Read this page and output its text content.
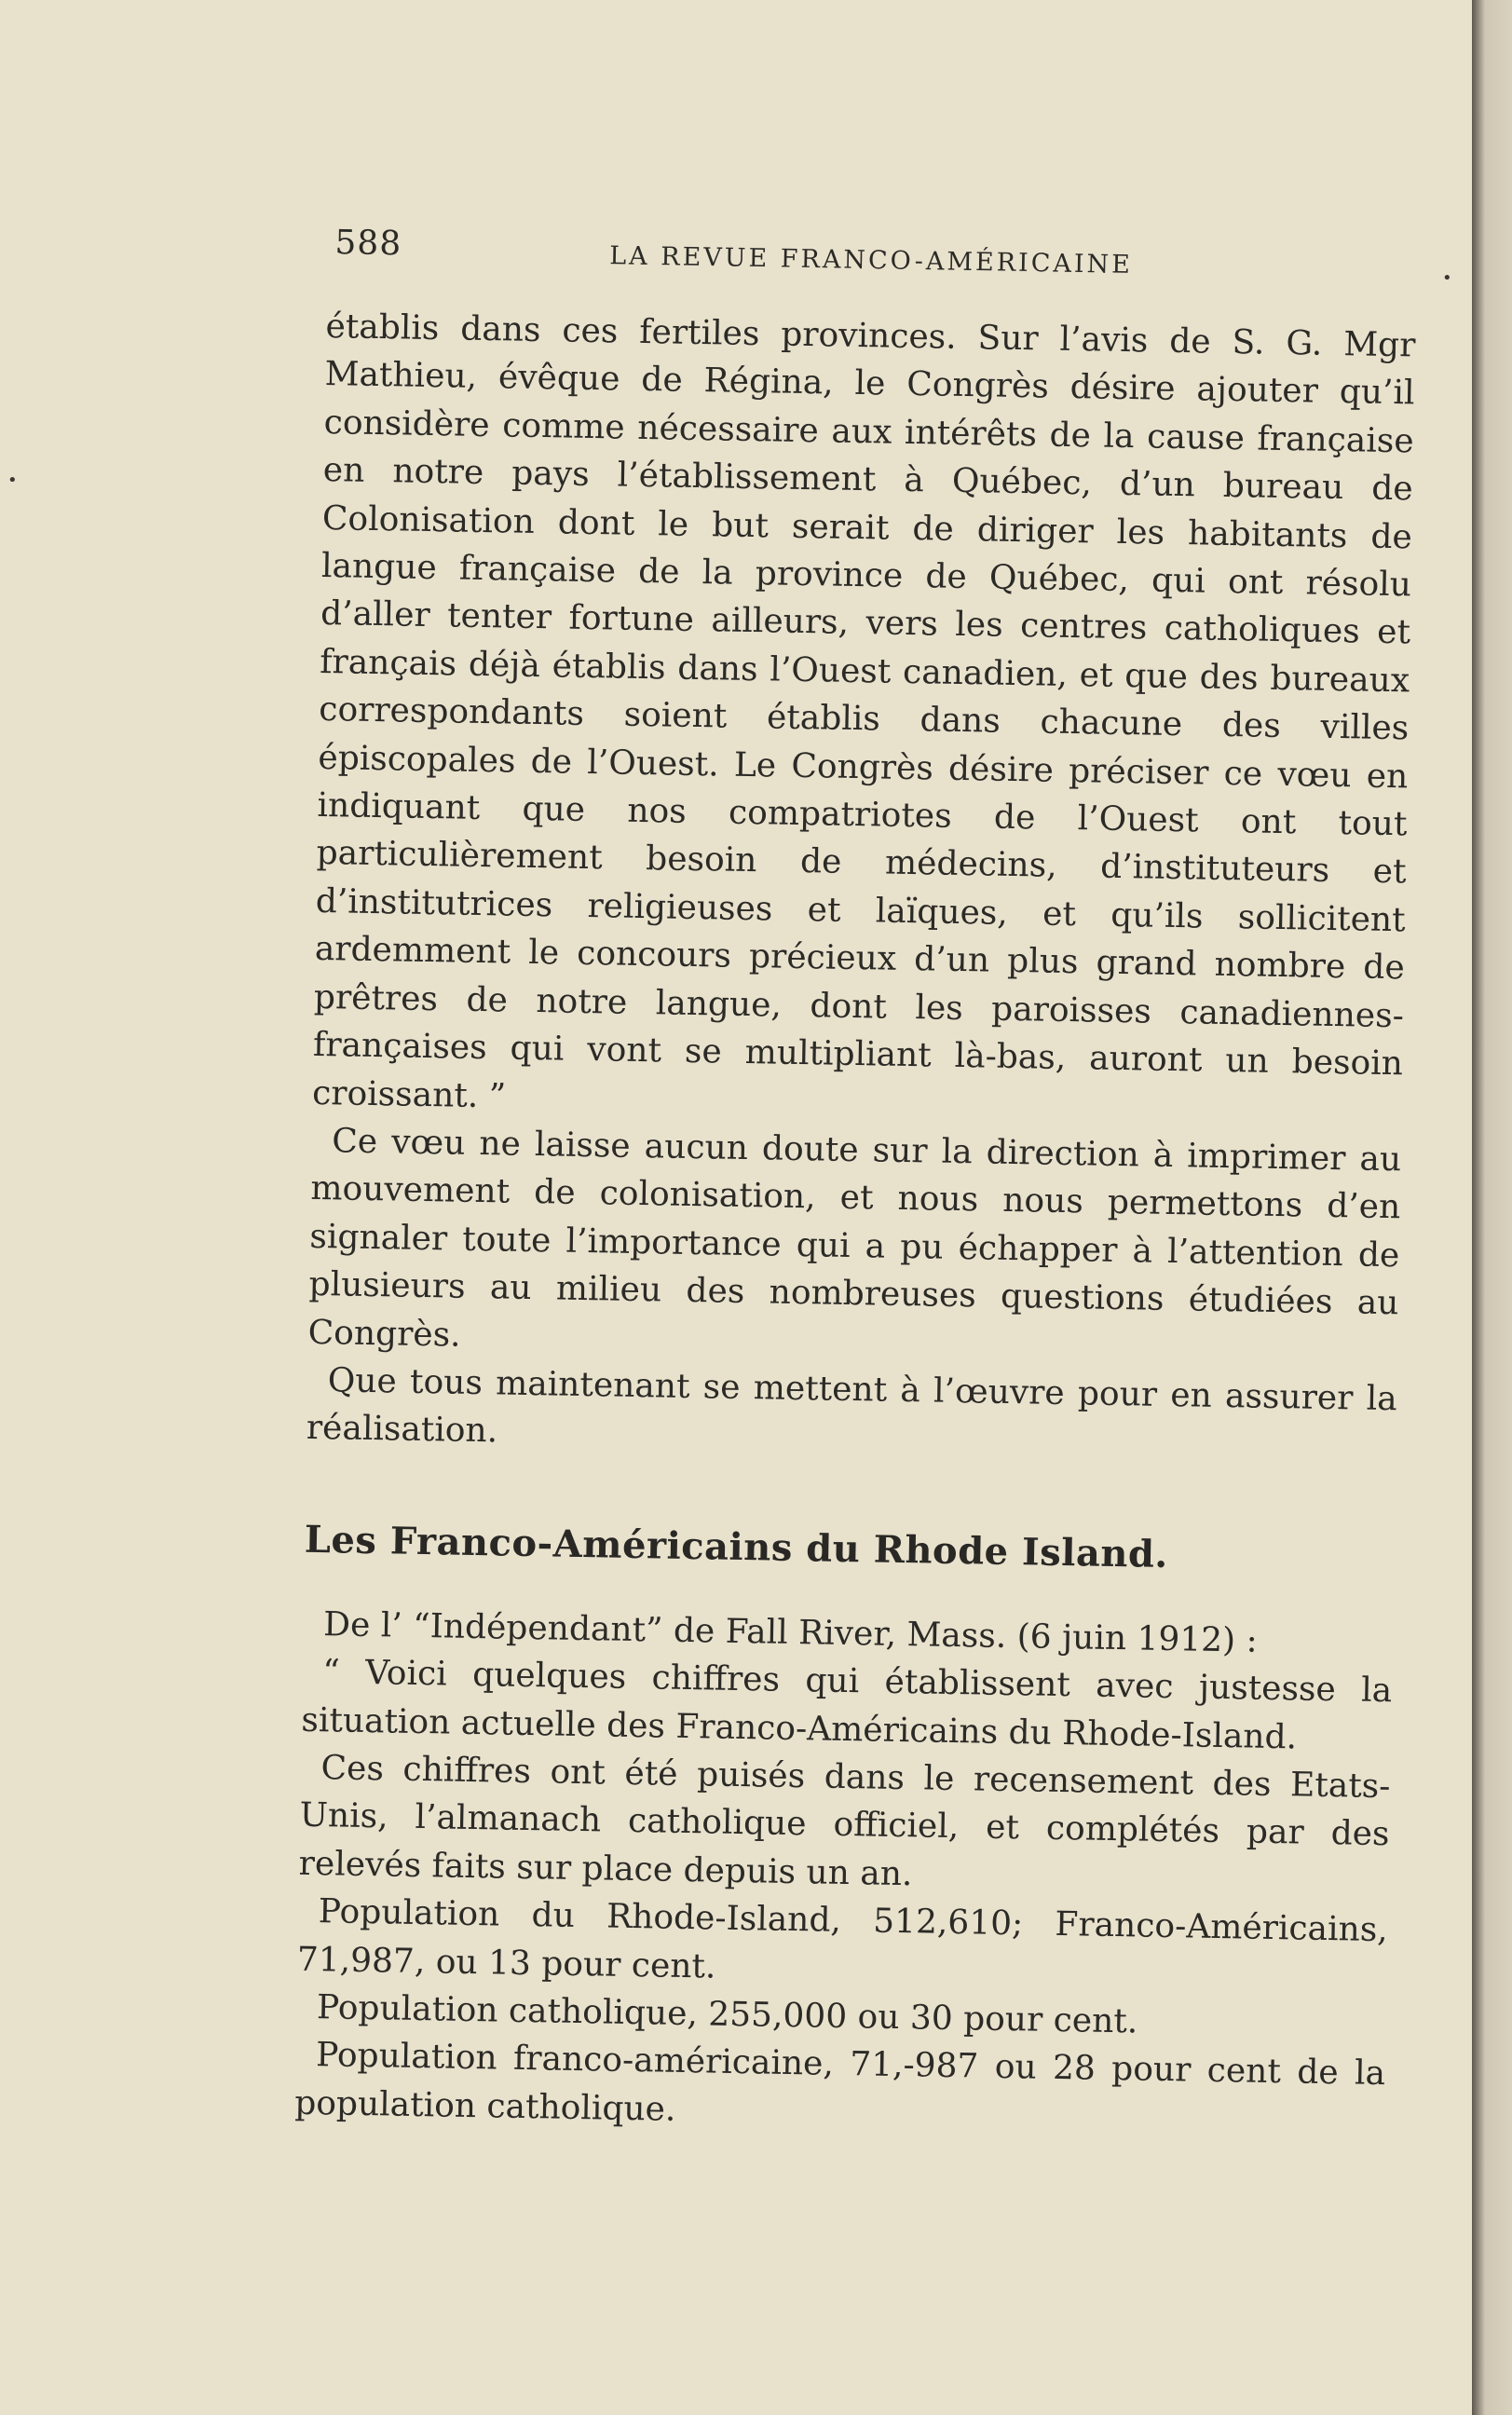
•
•
588	LA REVUE FRANCO-AMÉRICAINE

établis dans ces fertiles provinces. Sur l’avis de S. G. Mgr Mathieu, évêque de Régina, le Congrès désire ajouter qu’il considère comme nécessaire aux intérêts de la cause française en notre pays l’établissement à Québec, d’un bureau de Colonisation dont le but serait de diriger les habitants de langue française de la province de Québec, qui ont résolu d’aller tenter fortune ailleurs, vers les centres catholiques et français déjà établis dans l’Ouest canadien, et que des bureaux correspondants soient établis dans chacune des villes épiscopales de l’Ouest. Le Congrès désire préciser ce vœu en indiquant que nos compatriotes de l’Ouest ont tout particulièrement besoin de médecins, d’instituteurs et d’institutrices religieuses et laïques, et qu’ils sollicitent ardemment le concours précieux d’un plus grand nombre de prêtres de notre langue, dont les paroisses canadiennes-françaises qui vont se multipliant là-bas, auront un besoin croissant. ”

Ce vœu ne laisse aucun doute sur la direction à imprimer au mouvement de colonisation, et nous nous permettons d’en signaler toute l’importance qui a pu échapper à l’attention de plusieurs au milieu des nombreuses questions étudiées au Congrès.

Que tous maintenant se mettent à l’œuvre pour en assurer la réalisation.

Les Franco-Américains du Rhode Island.

De l’ “Indépendant” de Fall River, Mass. (6 juin 1912) :

“ Voici quelques chiffres qui établissent avec justesse la situation actuelle des Franco-Américains du Rhode-Island.

Ces chiffres ont été puisés dans le recensement des Etats-Unis, l’almanach catholique officiel, et complétés par des relevés faits sur place depuis un an.

Population du Rhode-Island, 512,610; Franco-Américains, 71,987, ou 13 pour cent.

Population catholique, 255,000 ou 30 pour cent.

Population franco-américaine, 71,-987 ou 28 pour cent de la population catholique.
